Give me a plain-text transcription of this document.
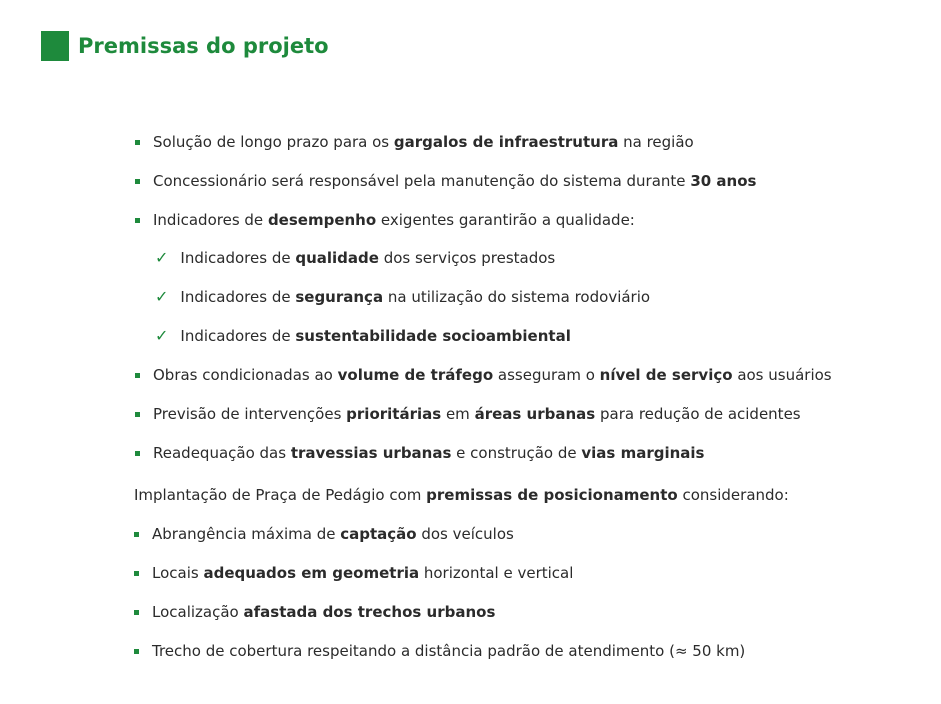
Premissas do projeto
Solução de longo prazo para os gargalos de infraestrutura na região
Concessionário será responsável pela manutenção do sistema durante 30 anos
Indicadores de desempenho exigentes garantirão a qualidade:
✓ Indicadores de qualidade dos serviços prestados
✓ Indicadores de segurança na utilização do sistema rodoviário
✓ Indicadores de sustentabilidade socioambiental
Obras condicionadas ao volume de tráfego asseguram o nível de serviço aos usuários
Previsão de intervenções prioritárias em áreas urbanas para redução de acidentes
Readequação das travessias urbanas e construção de vias marginais
Implantação de Praça de Pedágio com premissas de posicionamento considerando:
Abrangência máxima de captação dos veículos
Locais adequados em geometria horizontal e vertical
Localização afastada dos trechos urbanos
Trecho de cobertura respeitando a distância padrão de atendimento (≈ 50 km)
